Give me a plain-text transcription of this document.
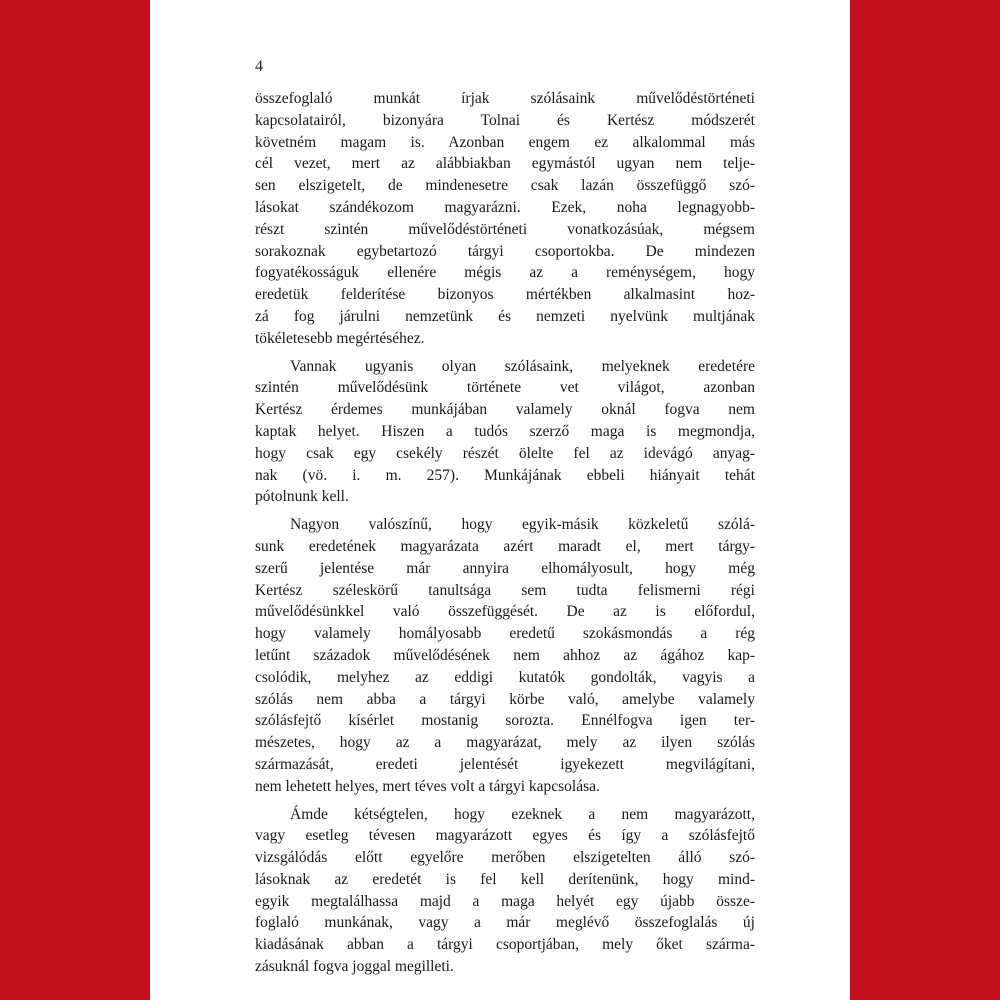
4
összefoglaló munkát írjak szólásaink művelődéstörténeti
kapcsolatairól, bizonyára Tolnai és Kertész módszerét
követném magam is. Azonban engem ez alkalommal más
cél vezet, mert az alábbiakban egymástól ugyan nem telje-
sen elszigetelt, de mindenesetre csak lazán összefüggő szó-
lásokat szándékozom magyarázni. Ezek, noha legnagyobb-
részt szintén művelődéstörténeti vonatkozásúak, mégsem
sorakoznak egybetartozó tárgyi csoportokba. De mindezen
fogyatékosságuk ellenére mégis az a reménységem, hogy
eredetük felderítése bizonyos mértékben alkalmasint hoz-
zá fog járulni nemzetünk és nemzeti nyelvünk multjának
tökéletesebb megértéséhez.
Vannak ugyanis olyan szólásaink, melyeknek eredetére
szintén művelődésünk története vet világot, azonban
Kertész érdemes munkájában valamely oknál fogva nem
kaptak helyet. Hiszen a tudós szerző maga is megmondja,
hogy csak egy csekély részét ölelte fel az idevágó anyag-
nak (vö. i. m. 257). Munkájának ebbeli hiányait tehát
pótolnunk kell.
Nagyon valószínű, hogy egyik-másik közkeletű szólá-
sunk eredetének magyarázata azért maradt el, mert tárgy-
szerű jelentése már annyira elhomályosult, hogy még
Kertész széleskörű tanultsága sem tudta felismerni régi
művelődésünkkel való összefüggését. De az is előfordul,
hogy valamely homályosabb eredetű szokásmondás a rég
letűnt századok művelődésének nem ahhoz az ágához kap-
csolódik, melyhez az eddigi kutatók gondolták, vagyis a
szólás nem abba a tárgyi körbe való, amelybe valamely
szólásfejtő kísérlet mostanig sorozta. Ennélfogva igen ter-
mészetes, hogy az a magyarázat, mely az ilyen szólás
származását, eredeti jelentését igyekezett megvilágítani,
nem lehetett helyes, mert téves volt a tárgyi kapcsolása.
Ámde kétségtelen, hogy ezeknek a nem magyarázott,
vagy esetleg tévesen magyarázott egyes és így a szólásfejtő
vizsgálódás előtt egyelőre merőben elszigetelten álló szó-
lásoknak az eredetét is fel kell derítenünk, hogy mind-
egyik megtalálhassa majd a maga helyét egy újabb össze-
foglaló munkának, vagy a már meglévő összefoglalás új
kiadásának abban a tárgyi csoportjában, mely őket szárma-
zásuknál fogva joggal megilleti.
